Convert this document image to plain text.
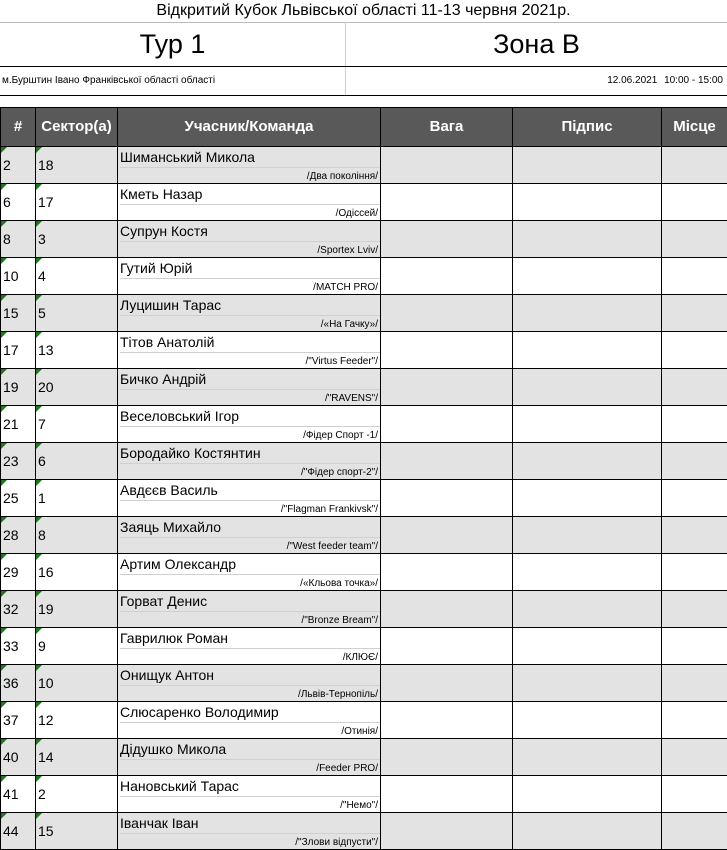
Відкритий Кубок Львівської області 11-13 червня 2021р.
Тур 1	Зона В
м.Бурштин Івано Франківської області області	12.06.2021 10:00 - 15:00
#	Сектор(а)	Учасник/Команда	Вага	Підпис	Місце
2	18	Шиманський Микола
/Два покоління/			

6	17	Кметь Назар
/Одіссей/			

8	3	Супрун Костя
/Sportex Lviv/			

10	4	Гутий Юрій
/MATCH PRO/			

15	5	Луцишин Тарас
/«На Гачку»/			

17	13	Тітов Анатолій
/"Virtus Feeder"/			

19	20	Бичко Андрій
/"RAVENS"/			

21	7	Веселовський Ігор
/Фідер Спорт -1/			

23	6	Бородайко Костянтин
/"Фідер спорт-2"/			

25	1	Авдєєв Василь
/"Flagman Frankivsk"/			

28	8	Заяць Михайло
/"West feeder team"/			

29	16	Артим Олександр
/«Кльова точка»/			

32	19	Горват Денис
/"Bronze Bream"/			

33	9	Гаврилюк Роман
/КЛЮЄ/			

36	10	Онищук Антон
/Львів-Тернопіль/			

37	12	Слюсаренко Володимир
/Отинія/			

40	14	Дідушко Микола
/Feeder PRO/			

41	2	Нановський Тарас
/"Немо"/			

44	15	Іванчак Іван
/"Злови відпусти"/			
